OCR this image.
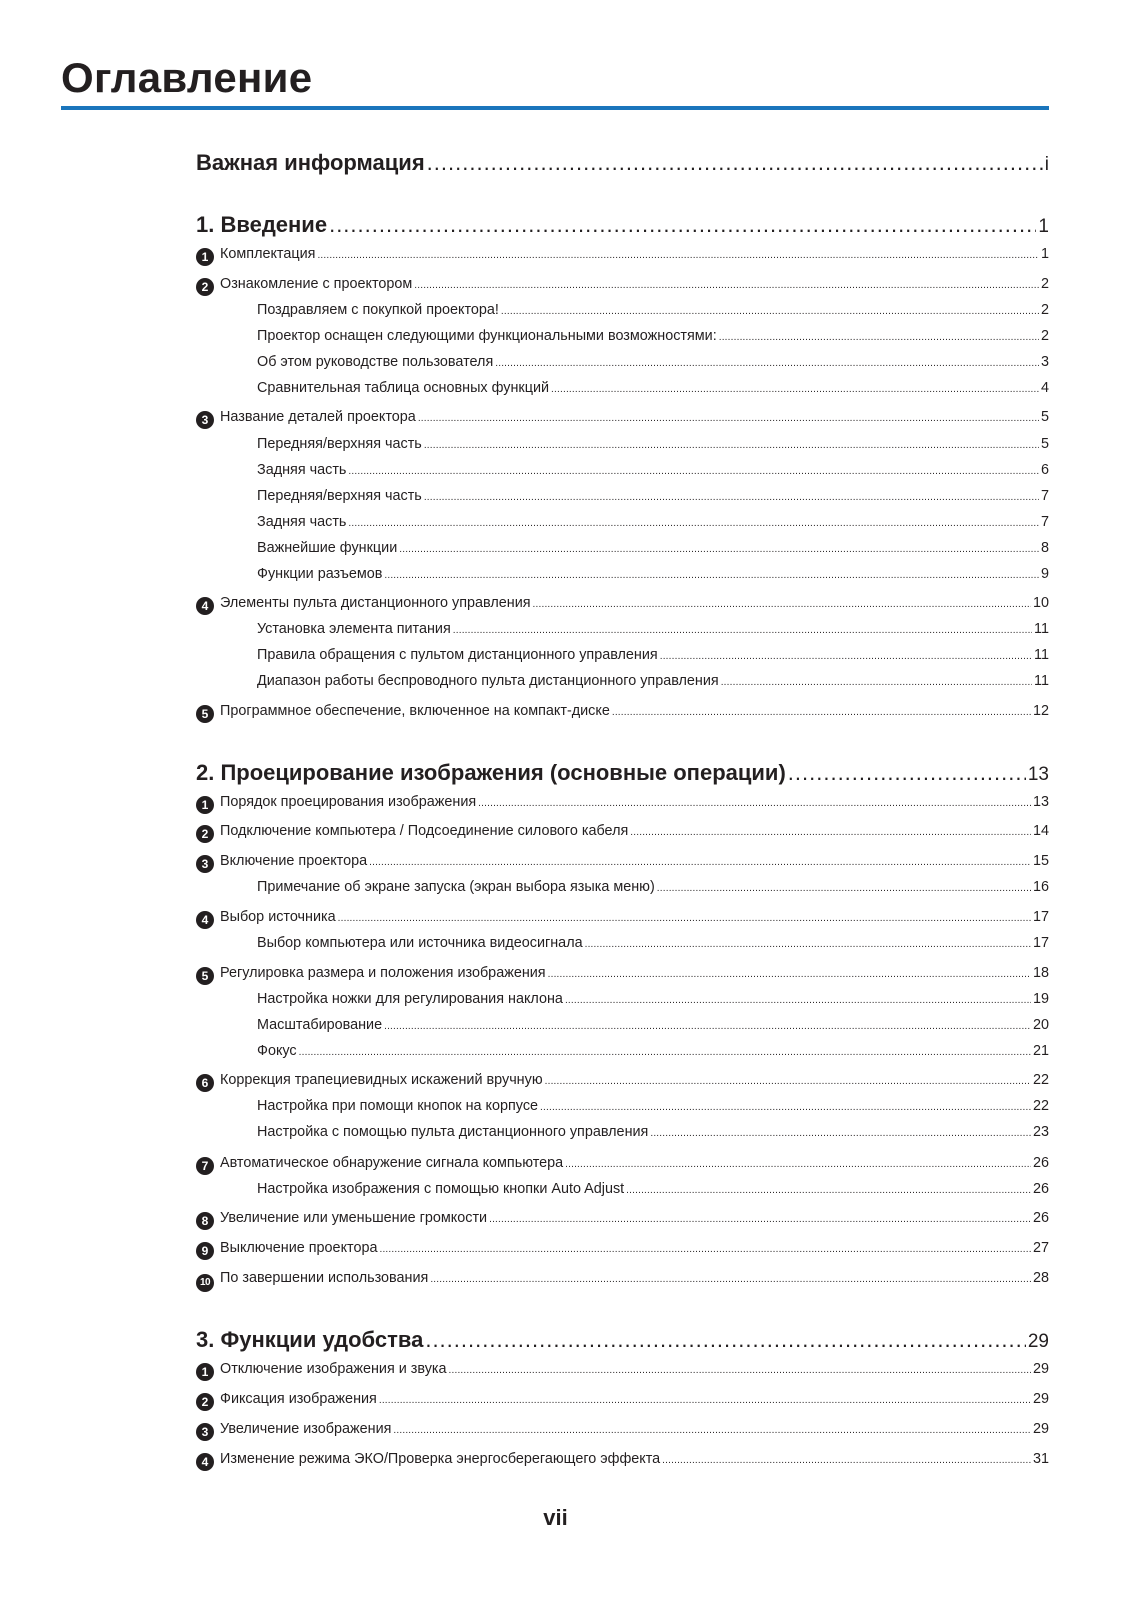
Оглавление
Важная информация .....	i
1. Введение .....	1
1 Комплектация .....	1
2 Ознакомление с проектором .....	2
Поздравляем с покупкой проектора! .....	2
Проектор оснащен следующими функциональными возможностями: .....	2
Об этом руководстве пользователя .....	3
Сравнительная таблица основных функций .....	4
3 Название деталей проектора .....	5
Передняя/верхняя часть .....	5
Задняя часть .....	6
Передняя/верхняя часть .....	7
Задняя часть .....	7
Важнейшие функции .....	8
Функции разъемов .....	9
4 Элементы пульта дистанционного управления .....	10
Установка элемента питания .....	11
Правила обращения с пультом дистанционного управления .....	11
Диапазон работы беспроводного пульта дистанционного управления .....	11
5 Программное обеспечение, включенное на компакт-диске .....	12
2. Проецирование изображения (основные операции) .....	13
1 Порядок проецирования изображения .....	13
2 Подключение компьютера / Подсоединение силового кабеля .....	14
3 Включение проектора .....	15
Примечание об экране запуска (экран выбора языка меню) .....	16
4 Выбор источника .....	17
Выбор компьютера или источника видеосигнала .....	17
5 Регулировка размера и положения изображения .....	18
Настройка ножки для регулирования наклона .....	19
Масштабирование .....	20
Фокус .....	21
6 Коррекция трапециевидных искажений вручную .....	22
Настройка при помощи кнопок на корпусе .....	22
Настройка с помощью пульта дистанционного управления .....	23
7 Автоматическое обнаружение сигнала компьютера .....	26
Настройка изображения с помощью кнопки Auto Adjust .....	26
8 Увеличение или уменьшение громкости .....	26
9 Выключение проектора .....	27
10 По завершении использования .....	28
3. Функции удобства .....	29
1 Отключение изображения и звука .....	29
2 Фиксация изображения .....	29
3 Увеличение изображения .....	29
4 Изменение режима ЭКО/Проверка энергосберегающего эффекта .....	31
vii
